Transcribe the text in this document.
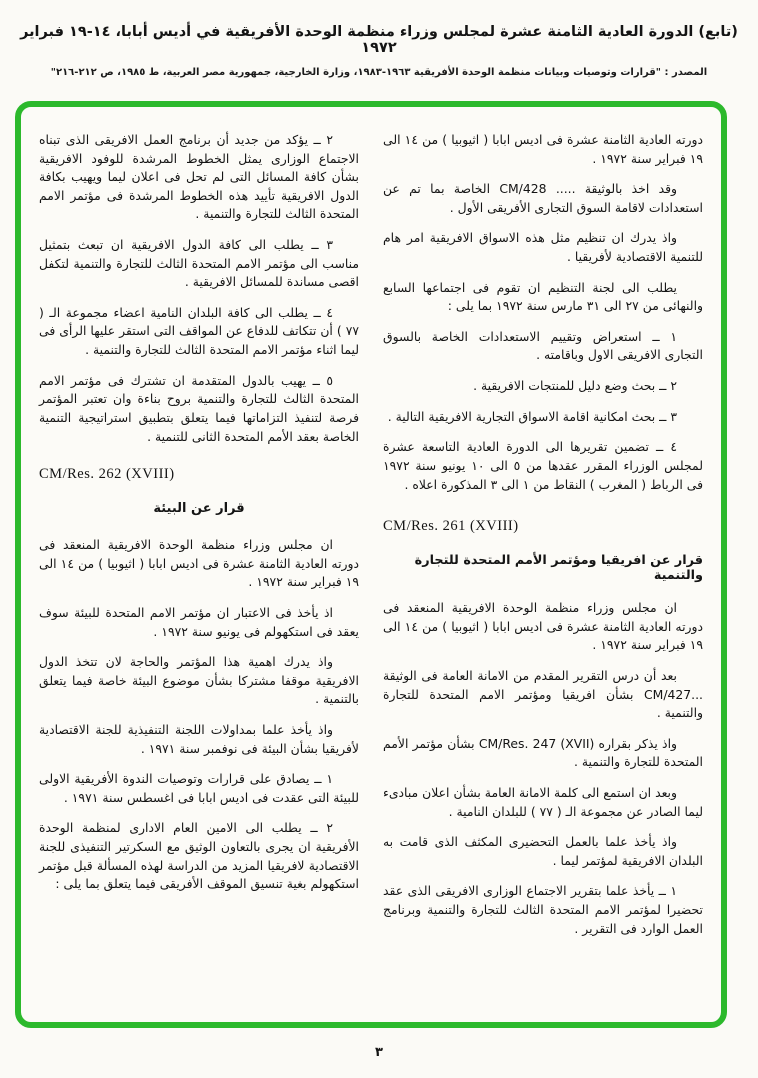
(تابع) الدورة العادية الثامنة عشرة لمجلس وزراء منظمة الوحدة الأفريقية في أديس أبابا، ١٤-١٩ فبراير ١٩٧٢
المصدر : "قرارات وتوصيات وبيانات منظمة الوحدة الأفريقية ١٩٦٣-١٩٨٣، وزارة الخارجية، جمهورية مصر العربية، ط ١٩٨٥، ص ٢١٢-٢١٦"
دورته العادية الثامنة عشرة فى اديس ابابا ( اثيوبيا ) من ١٤ الى ١٩ فبراير سنة ١٩٧٢ .
وقد اخذ بالوثيقة ..... CM/428 الخاصة بما تم عن استعدادات لاقامة السوق التجارى الأفريقى الأول .
واذ يدرك ان تنظيم مثل هذه الاسواق الافريقية امر هام للتنمية الاقتصادية لأفريقيا .
يطلب الى لجنة التنظيم ان تقوم فى اجتماعها السابع والنهائى من ٢٧ الى ٣١ مارس سنة ١٩٧٢ بما يلى :
١ ــ استعراض وتقييم الاستعدادات الخاصة بالسوق التجارى الافريقى الاول وباقامته .
٢ ــ بحث وضع دليل للمنتجات الافريقية .
٣ ــ بحث امكانية اقامة الاسواق التجارية الافريقية التالية .
٤ ــ تضمين تقريرها الى الدورة العادية التاسعة عشرة لمجلس الوزراء المقرر عقدها من ٥ الى ١٠ يونيو سنة ١٩٧٢ فى الرباط ( المغرب ) النقاط من ١ الى ٣ المذكورة اعلاه .
CM/Res. 261 (XVIII)
قرار عن افريقيا ومؤتمر الأمم المتحدة للتجارة والتنمية
ان مجلس وزراء منظمة الوحدة الافريقية المنعقد فى دورته العادية الثامنة عشرة فى اديس ابابا ( اثيوبيا ) من ١٤ الى ١٩ فبراير سنة ١٩٧٢ .
بعد أن درس التقرير المقدم من الامانة العامة فى الوثيقة ...CM/427 بشأن افريقيا ومؤتمر الامم المتحدة للتجارة والتنمية .
واذ يذكر بقراره CM/Res. 247 (XVII) بشأن مؤتمر الأمم المتحدة للتجارة والتنمية .
وبعد ان استمع الى كلمة الامانة العامة بشأن اعلان مبادىء ليما الصادر عن مجموعة الـ ( ٧٧ ) للبلدان النامية .
واذ يأخذ علما بالعمل التحضيرى المكثف الذى قامت به البلدان الافريقية لمؤتمر ليما .
١ ــ يأخذ علما بتقرير الاجتماع الوزارى الافريقى الذى عقد تحضيرا لمؤتمر الامم المتحدة الثالث للتجارة والتنمية وبرنامج العمل الوارد فى التقرير .
٢ ــ يؤكد من جديد أن برنامج العمل الافريقى الذى تبناه الاجتماع الوزارى يمثل الخطوط المرشدة للوفود الافريقية بشأن كافة المسائل التى لم تحل فى اعلان ليما ويهيب بكافة الدول الافريقية تأييد هذه الخطوط المرشدة فى مؤتمر الامم المتحدة الثالث للتجارة والتنمية .
٣ ــ يطلب الى كافة الدول الافريقية ان تبعث بتمثيل مناسب الى مؤتمر الامم المتحدة الثالث للتجارة والتنمية لتكفل اقصى مساندة للمسائل الافريقية .
٤ ــ يطلب الى كافة البلدان النامية اعضاء مجموعة الـ ( ٧٧ ) أن تتكاتف للدفاع عن المواقف التى استقر عليها الرأى فى ليما اثناء مؤتمر الامم المتحدة الثالث للتجارة والتنمية .
٥ ــ يهيب بالدول المتقدمة ان تشترك فى مؤتمر الامم المتحدة الثالث للتجارة والتنمية بروح بناءة وان تعتبر المؤتمر فرصة لتنفيذ التزاماتها فيما يتعلق بتطبيق استراتيجية التنمية الخاصة بعقد الأمم المتحدة الثانى للتنمية .
CM/Res. 262 (XVIII)
قرار عن البيئة
ان مجلس وزراء منظمة الوحدة الافريقية المنعقد فى دورته العادية الثامنة عشرة فى اديس ابابا ( اثيوبيا ) من ١٤ الى ١٩ فبراير سنة ١٩٧٢ .
اذ يأخذ فى الاعتبار ان مؤتمر الامم المتحدة للبيئة سوف يعقد فى استكهولم فى يونيو سنة ١٩٧٢ .
واذ يدرك اهمية هذا المؤتمر والحاجة لان تتخذ الدول الافريقية موقفا مشتركا بشأن موضوع البيئة خاصة فيما يتعلق بالتنمية .
واذ يأخذ علما بمداولات اللجنة التنفيذية للجنة الاقتصادية لأفريقيا بشأن البيئة فى نوفمبر سنة ١٩٧١ .
١ ــ يصادق على قرارات وتوصيات الندوة الأفريقية الاولى للبيئة التى عقدت فى اديس ابابا فى اغسطس سنة ١٩٧١ .
٢ ــ يطلب الى الامين العام الادارى لمنظمة الوحدة الأفريقية ان يجرى بالتعاون الوثيق مع السكرتير التنفيذى للجنة الاقتصادية لافريقيا المزيد من الدراسة لهذه المسألة قبل مؤتمر استكهولم بغية تنسيق الموقف الأفريقى فيما يتعلق بما يلى :
٣
